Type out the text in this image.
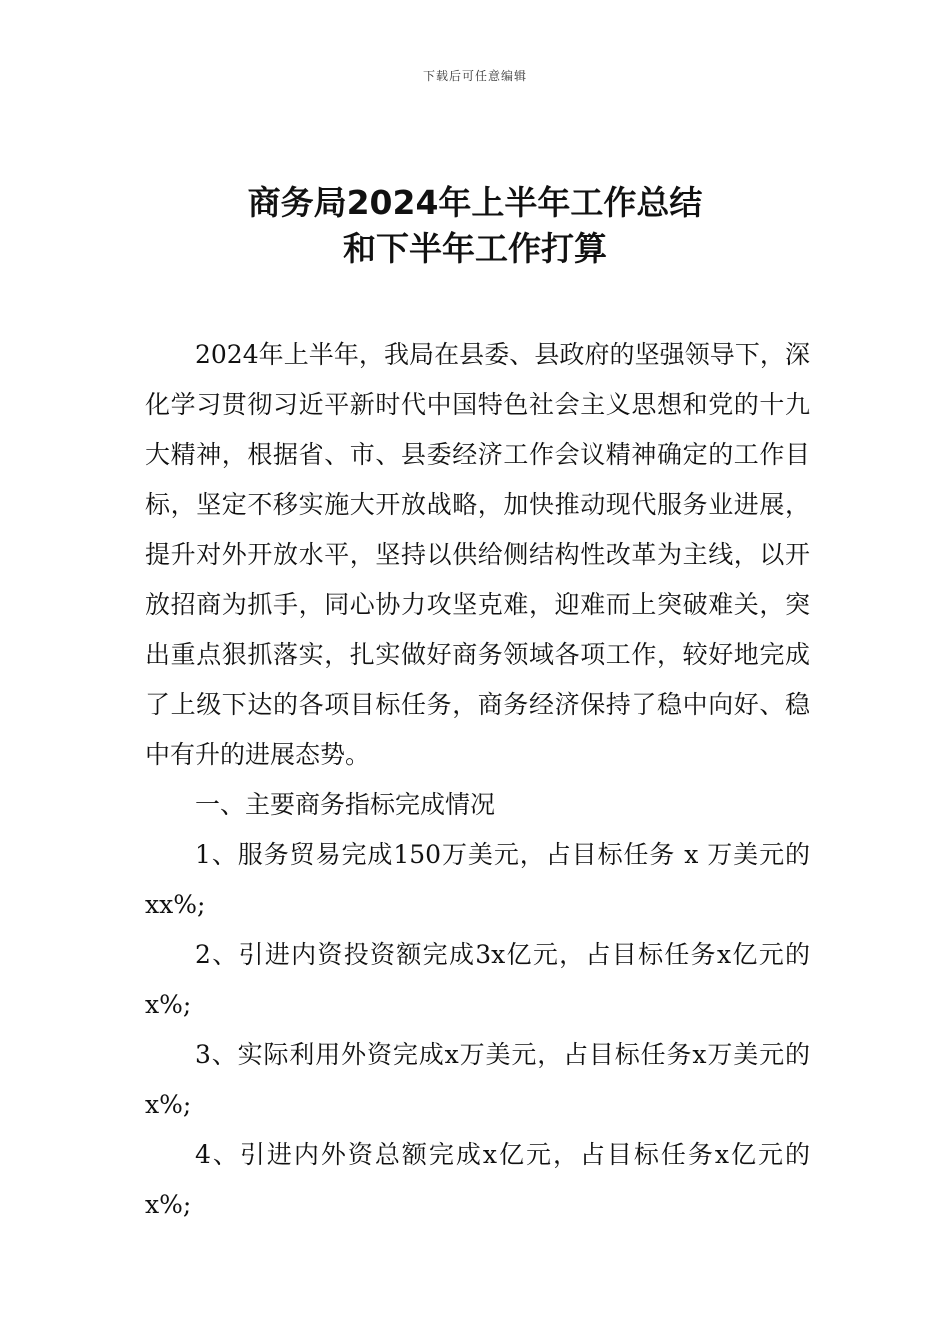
下载后可任意编辑
商务局2024年上半年工作总结
和下半年工作打算

2024年上半年，我局在县委、县政府的坚强领导下，深化学习贯彻习近平新时代中国特色社会主义思想和党的十九大精神，根据省、市、县委经济工作会议精神确定的工作目标，坚定不移实施大开放战略，加快推动现代服务业进展，提升对外开放水平，坚持以供给侧结构性改革为主线，以开放招商为抓手，同心协力攻坚克难，迎难而上突破难关，突出重点狠抓落实，扎实做好商务领域各项工作，较好地完成了上级下达的各项目标任务，商务经济保持了稳中向好、稳中有升的进展态势。

一、主要商务指标完成情况

1、服务贸易完成150万美元，占目标任务 x 万美元的xx%;

2、引进内资投资额完成3x亿元，占目标任务x亿元的x%;

3、实际利用外资完成x万美元，占目标任务x万美元的x%;

4、引进内外资总额完成x亿元，占目标任务x亿元的x%;
